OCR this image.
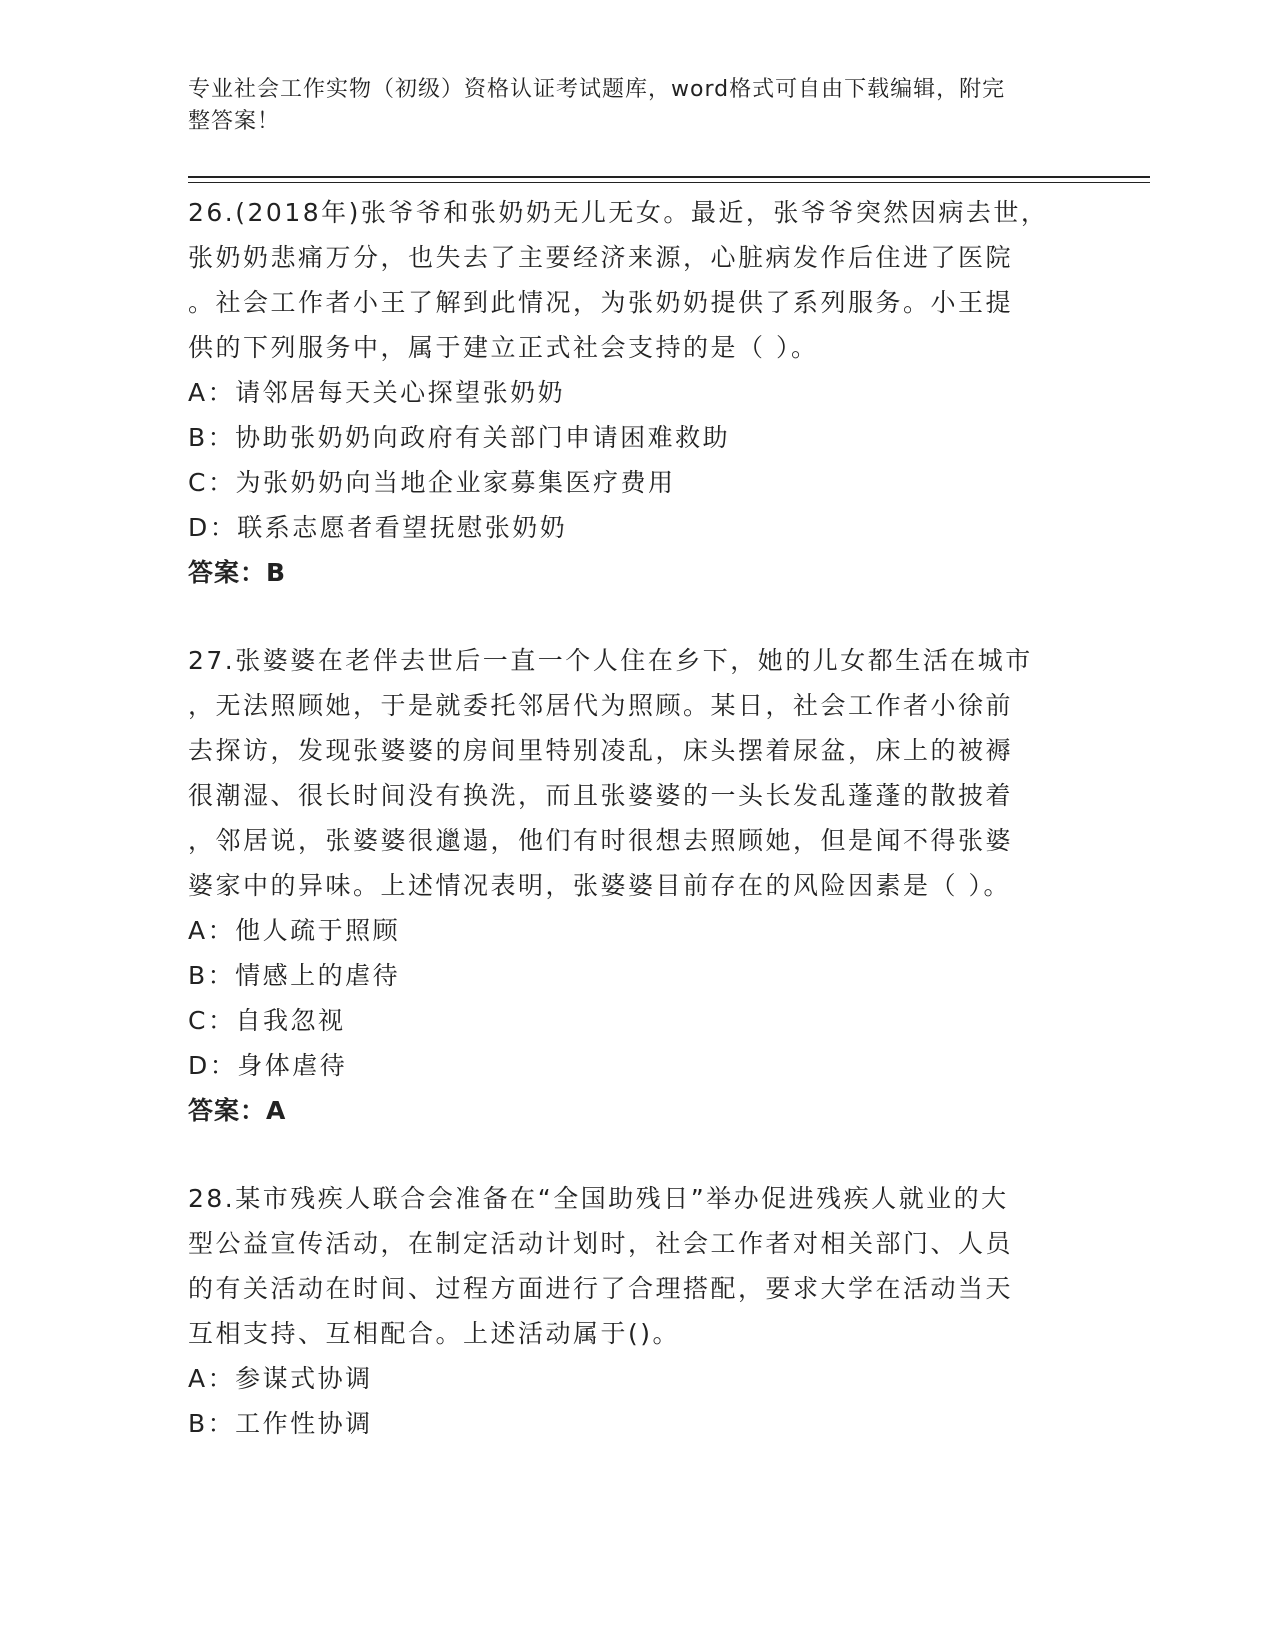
专业社会工作实物（初级）资格认证考试题库，word格式可自由下载编辑，附完
整答案！
26.(2018年)张爷爷和张奶奶无儿无女。最近，张爷爷突然因病去世，
张奶奶悲痛万分，也失去了主要经济来源，心脏病发作后住进了医院
。社会工作者小王了解到此情况，为张奶奶提供了系列服务。小王提
供的下列服务中，属于建立正式社会支持的是（ ）。
A：请邻居每天关心探望张奶奶
B：协助张奶奶向政府有关部门申请困难救助
C：为张奶奶向当地企业家募集医疗费用
D：联系志愿者看望抚慰张奶奶
答案：B
27.张婆婆在老伴去世后一直一个人住在乡下，她的儿女都生活在城市
，无法照顾她，于是就委托邻居代为照顾。某日，社会工作者小徐前
去探访，发现张婆婆的房间里特别凌乱，床头摆着尿盆，床上的被褥
很潮湿、很长时间没有换洗，而且张婆婆的一头长发乱蓬蓬的散披着
，邻居说，张婆婆很邋遢，他们有时很想去照顾她，但是闻不得张婆
婆家中的异味。上述情况表明，张婆婆目前存在的风险因素是（ ）。
A：他人疏于照顾
B：情感上的虐待
C：自我忽视
D：身体虐待
答案：A
28.某市残疾人联合会准备在“全国助残日”举办促进残疾人就业的大
型公益宣传活动，在制定活动计划时，社会工作者对相关部门、人员
的有关活动在时间、过程方面进行了合理搭配，要求大学在活动当天
互相支持、互相配合。上述活动属于()。
A：参谋式协调
B：工作性协调
